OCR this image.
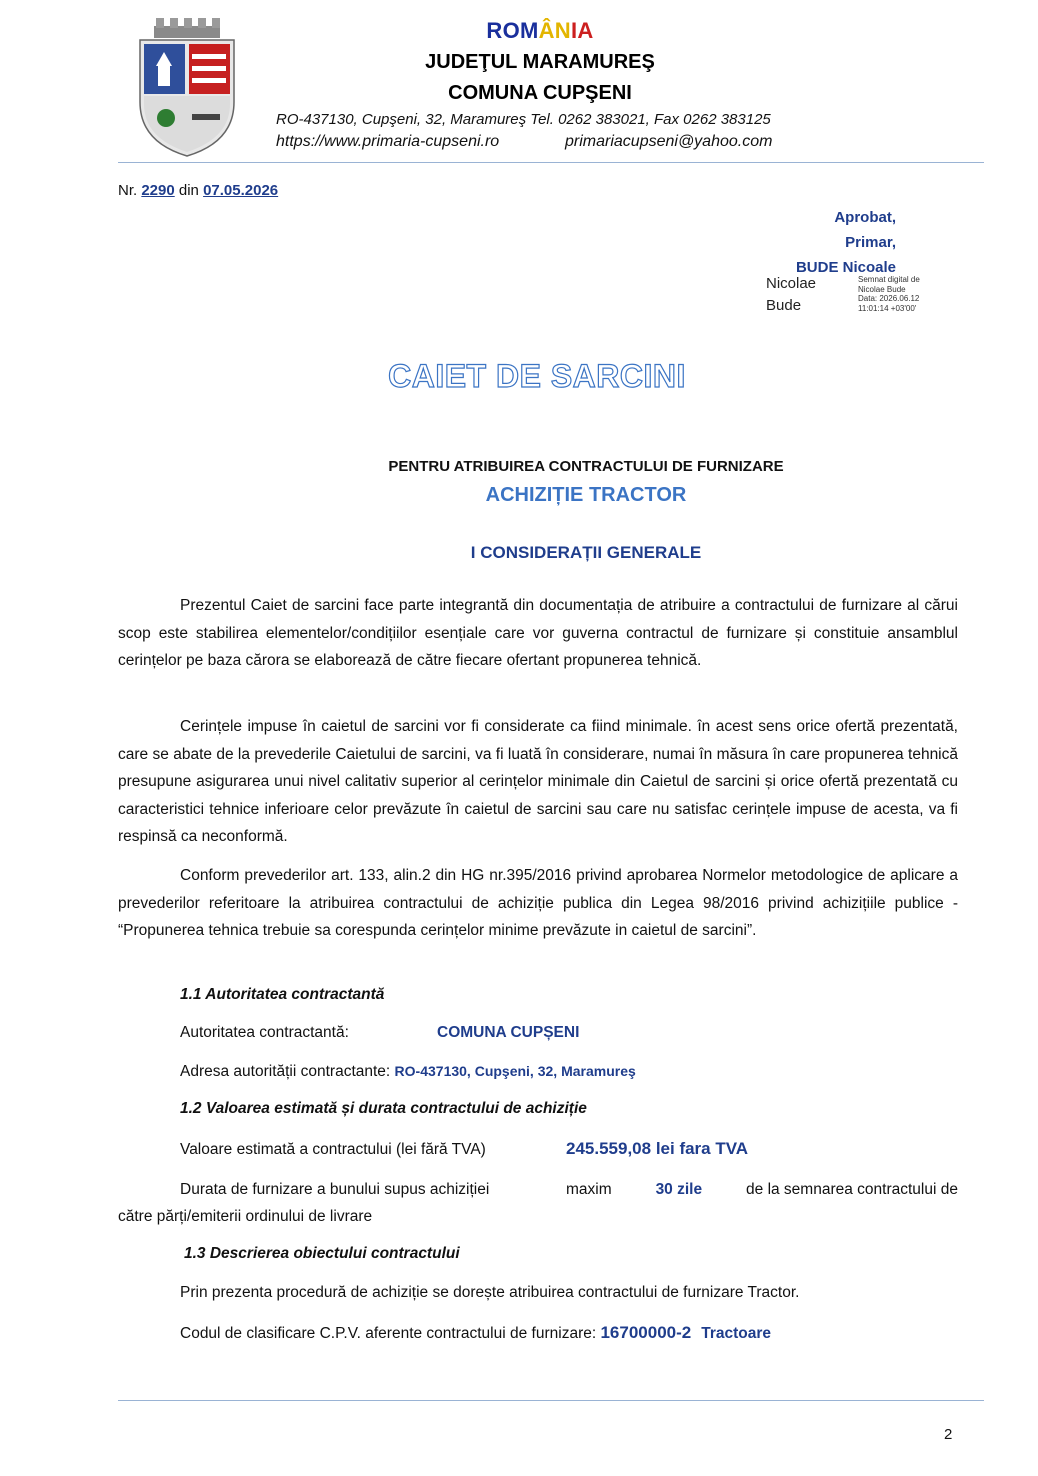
ROMÂNIA
JUDEŢUL MARAMUREŞ
COMUNA CUPŞENI
RO-437130, Cupşeni, 32, Maramureş Tel. 0262 383021, Fax 0262 383125
https://www.primaria-cupseni.ro	primariacupseni@yahoo.com
Nr. 2290 din 07.05.2026
Aprobat,
Primar,
BUDE Nicoale
Nicolae
Bude
Semnat digital de
Nicolae Bude
Data: 2026.06.12
11:01:14 +03'00'
CAIET DE SARCINI
PENTRU ATRIBUIREA CONTRACTULUI DE FURNIZARE
ACHIZIȚIE TRACTOR
I CONSIDERAȚII GENERALE
Prezentul Caiet de sarcini face parte integrantă din documentația de atribuire a contractului de furnizare al cărui scop este stabilirea elementelor/condițiilor esențiale care vor guverna contractul de furnizare și constituie ansamblul cerințelor pe baza cărora se elaborează de către fiecare ofertant propunerea tehnică.
Cerințele impuse în caietul de sarcini vor fi considerate ca fiind minimale. în acest sens orice ofertă prezentată, care se abate de la prevederile Caietului de sarcini, va fi luată în considerare, numai în măsura în care propunerea tehnică presupune asigurarea unui nivel calitativ superior al cerințelor minimale din Caietul de sarcini și orice ofertă prezentată cu caracteristici tehnice inferioare celor prevăzute în caietul de sarcini sau care nu satisfac cerințele impuse de acesta, va fi respinsă ca neconformă.
Conform prevederilor art. 133, alin.2 din HG nr.395/2016 privind aprobarea Normelor metodologice de aplicare a prevederilor referitoare la atribuirea contractului de achiziție publica din Legea 98/2016 privind achizițiile publice - “Propunerea tehnica trebuie sa corespunda cerințelor minime prevăzute in caietul de sarcini”.
1.1 Autoritatea contractantă
Autoritatea contractantă:	COMUNA CUPȘENI
Adresa autorității contractante: RO-437130, Cupşeni, 32, Maramureş
1.2 Valoarea estimată și durata contractului de achiziție
Valoare estimată a contractului (lei fără TVA)	245.559,08 lei fara TVA
Durata de furnizare a bunului supus achiziției	maxim	30 zile	de la semnarea contractului de
către părți/emiterii ordinului de livrare
1.3 Descrierea obiectului contractului
Prin prezenta procedură de achiziție se dorește atribuirea contractului de furnizare Tractor.
Codul de clasificare C.P.V. aferente contractului de furnizare: 16700000-2 Tractoare
2
